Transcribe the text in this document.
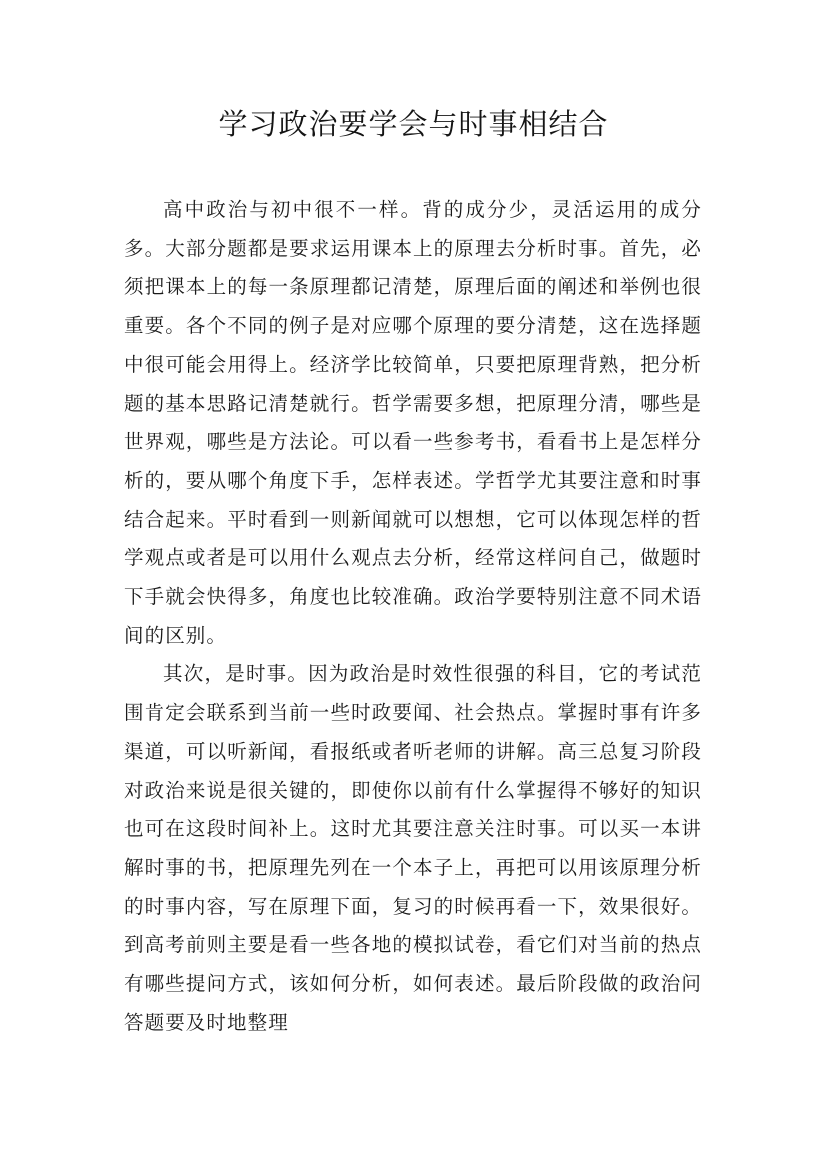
学习政治要学会与时事相结合

高中政治与初中很不一样。背的成分少，灵活运用的成分多。大部分题都是要求运用课本上的原理去分析时事。首先，必须把课本上的每一条原理都记清楚，原理后面的阐述和举例也很重要。各个不同的例子是对应哪个原理的要分清楚，这在选择题中很可能会用得上。经济学比较简单，只要把原理背熟，把分析题的基本思路记清楚就行。哲学需要多想，把原理分清，哪些是世界观，哪些是方法论。可以看一些参考书，看看书上是怎样分析的，要从哪个角度下手，怎样表述。学哲学尤其要注意和时事结合起来。平时看到一则新闻就可以想想，它可以体现怎样的哲学观点或者是可以用什么观点去分析，经常这样问自己，做题时下手就会快得多，角度也比较准确。政治学要特别注意不同术语间的区别。

其次，是时事。因为政治是时效性很强的科目，它的考试范围肯定会联系到当前一些时政要闻、社会热点。掌握时事有许多渠道，可以听新闻，看报纸或者听老师的讲解。高三总复习阶段对政治来说是很关键的，即使你以前有什么掌握得不够好的知识也可在这段时间补上。这时尤其要注意关注时事。可以买一本讲解时事的书，把原理先列在一个本子上，再把可以用该原理分析的时事内容，写在原理下面，复习的时候再看一下，效果很好。到高考前则主要是看一些各地的模拟试卷，看它们对当前的热点有哪些提问方式，该如何分析，如何表述。最后阶段做的政治问答题要及时地整理
